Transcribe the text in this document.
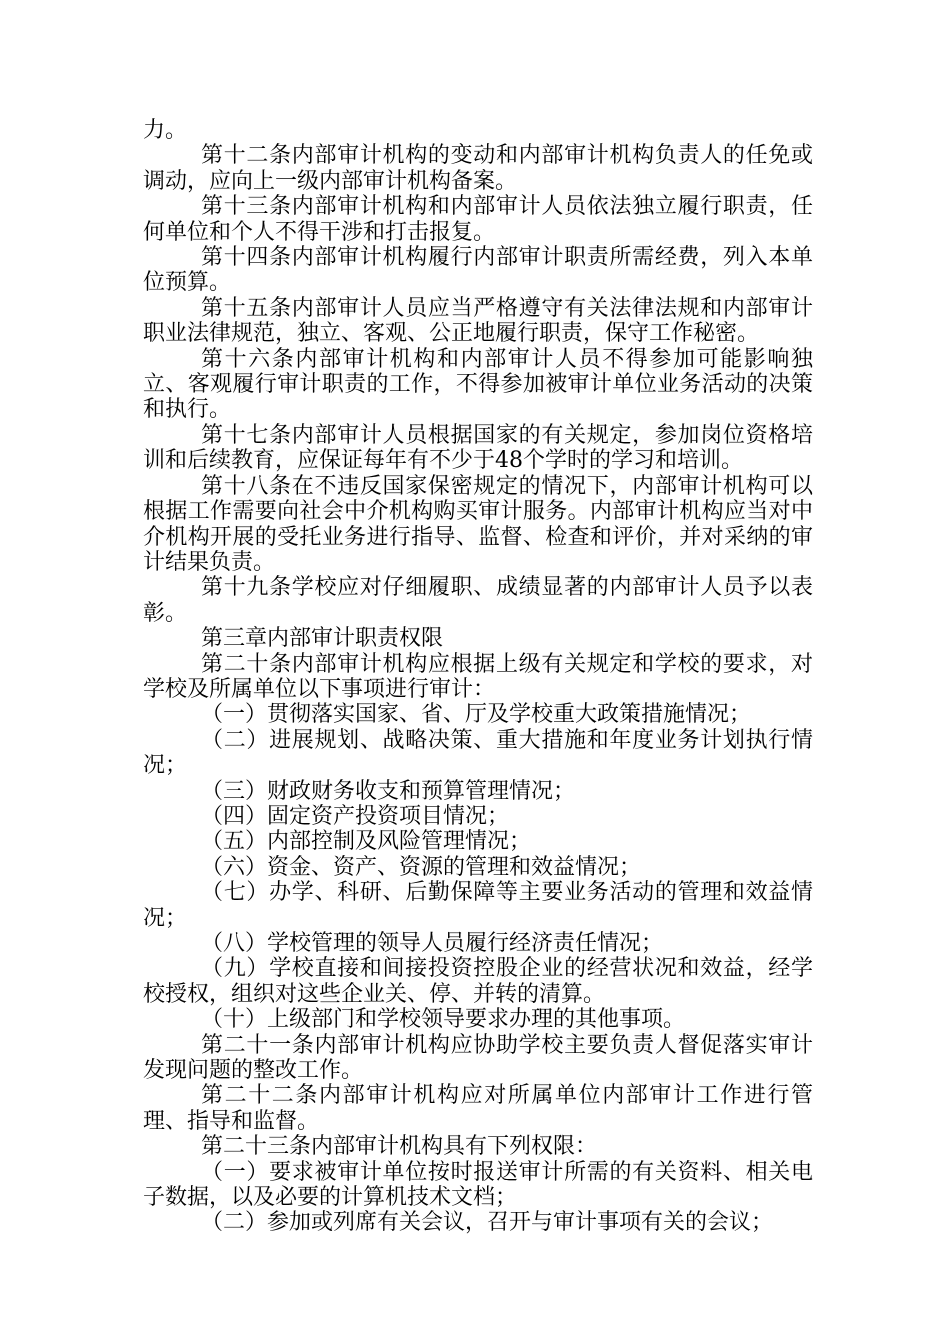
力。

第十二条内部审计机构的变动和内部审计机构负责人的任免或调动，应向上一级内部审计机构备案。

第十三条内部审计机构和内部审计人员依法独立履行职责，任何单位和个人不得干涉和打击报复。

第十四条内部审计机构履行内部审计职责所需经费，列入本单位预算。

第十五条内部审计人员应当严格遵守有关法律法规和内部审计职业法律规范，独立、客观、公正地履行职责，保守工作秘密。

第十六条内部审计机构和内部审计人员不得参加可能影响独立、客观履行审计职责的工作，不得参加被审计单位业务活动的决策和执行。

第十七条内部审计人员根据国家的有关规定，参加岗位资格培训和后续教育，应保证每年有不少于48个学时的学习和培训。

第十八条在不违反国家保密规定的情况下，内部审计机构可以根据工作需要向社会中介机构购买审计服务。内部审计机构应当对中介机构开展的受托业务进行指导、监督、检查和评价，并对采纳的审计结果负责。

第十九条学校应对仔细履职、成绩显著的内部审计人员予以表彰。

第三章内部审计职责权限

第二十条内部审计机构应根据上级有关规定和学校的要求，对学校及所属单位以下事项进行审计：

（一）贯彻落实国家、省、厅及学校重大政策措施情况；

（二）进展规划、战略决策、重大措施和年度业务计划执行情况；

（三）财政财务收支和预算管理情况；

（四）固定资产投资项目情况；

（五）内部控制及风险管理情况；

（六）资金、资产、资源的管理和效益情况；

（七）办学、科研、后勤保障等主要业务活动的管理和效益情况；

（八）学校管理的领导人员履行经济责任情况；

（九）学校直接和间接投资控股企业的经营状况和效益，经学校授权，组织对这些企业关、停、并转的清算。

（十）上级部门和学校领导要求办理的其他事项。

第二十一条内部审计机构应协助学校主要负责人督促落实审计发现问题的整改工作。

第二十二条内部审计机构应对所属单位内部审计工作进行管理、指导和监督。

第二十三条内部审计机构具有下列权限：

（一）要求被审计单位按时报送审计所需的有关资料、相关电子数据，以及必要的计算机技术文档；

（二）参加或列席有关会议，召开与审计事项有关的会议；
